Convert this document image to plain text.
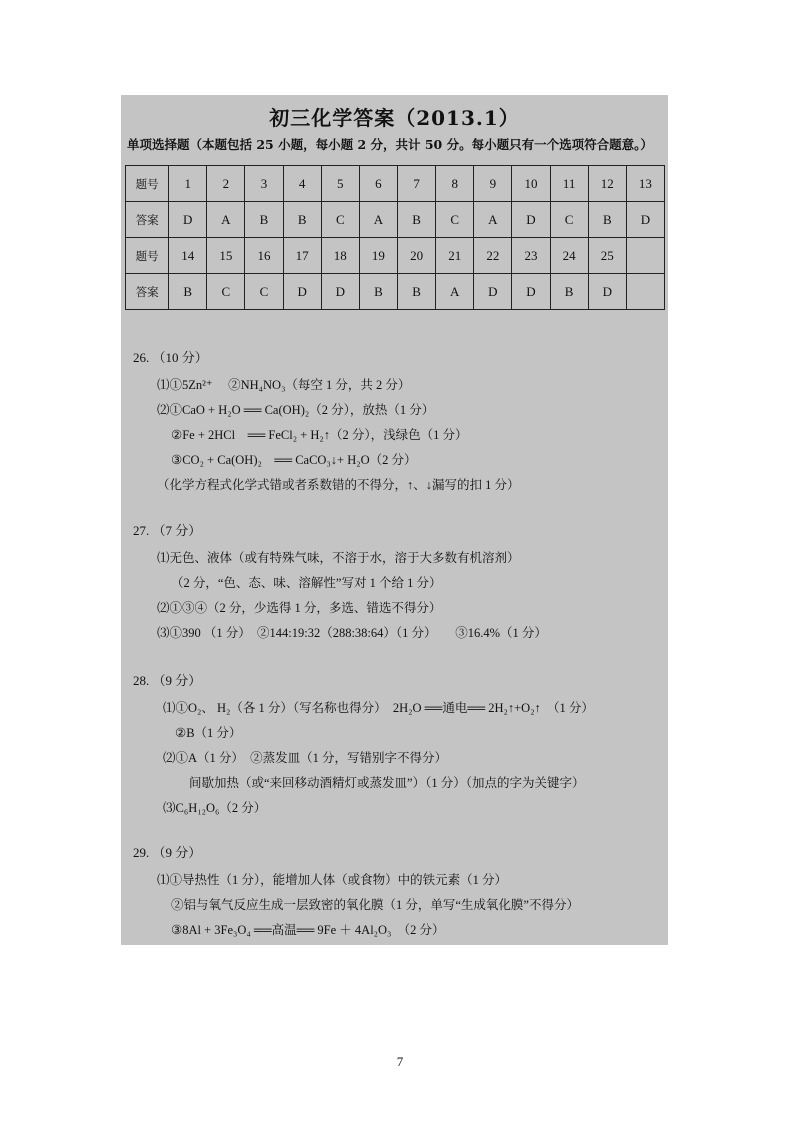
初三化学答案（2013.1）
单项选择题（本题包括 25 小题，每小题 2 分，共计 50 分。每小题只有一个选项符合题意。）
题号	1	2	3	4	5	6	7	8	9	10	11	12	13
答案	D	A	B	B	C	A	B	C	A	D	C	B	D
题号	14	15	16	17	18	19	20	21	22	23	24	25	
答案	B	C	C	D	D	B	B	A	D	D	B	D	
26. （10 分）
⑴①5Zn²⁺　 ②NH₄NO₃（每空 1 分，共 2 分）
⑵①CaO + H₂O ══ Ca(OH)₂（2 分），放热（1 分）
②Fe + 2HCl　══ FeCl₂ + H₂↑（2 分），浅绿色（1 分）
③CO₂ + Ca(OH)₂　══ CaCO₃↓+ H₂O（2 分）
（化学方程式化学式错或者系数错的不得分，↑、↓漏写的扣 1 分）
27. （7 分）
⑴无色、液体（或有特殊气味，不溶于水，溶于大多数有机溶剂）
（2 分，“色、态、味、溶解性”写对 1 个给 1 分）
⑵①③④（2 分，少选得 1 分，多选、错选不得分）
⑶①390 （1 分）　②144:19:32（288:38:64）（1 分）　　③16.4%（1 分）
28. （9 分）
⑴①O₂、 H₂（各 1 分）（写名称也得分）　2H₂O ══通电══ 2H₂↑+O₂↑　（1 分）
②B（1 分）
⑵①A（1 分）　②蒸发皿（1 分，写错别字不得分）
间歇加热（或“来回移动酒精灯或蒸发皿”）（1 分）（加点的字为关键字）
⑶C₆H₁₂O₆（2 分）
29. （9 分）
⑴①导热性（1 分），能增加人体（或食物）中的铁元素（1 分）
②铝与氧气反应生成一层致密的氧化膜（1 分，单写“生成氧化膜”不得分）
③8Al + 3Fe₃O₄ ══高温══ 9Fe ＋ 4Al₂O₃　（2 分）
7
